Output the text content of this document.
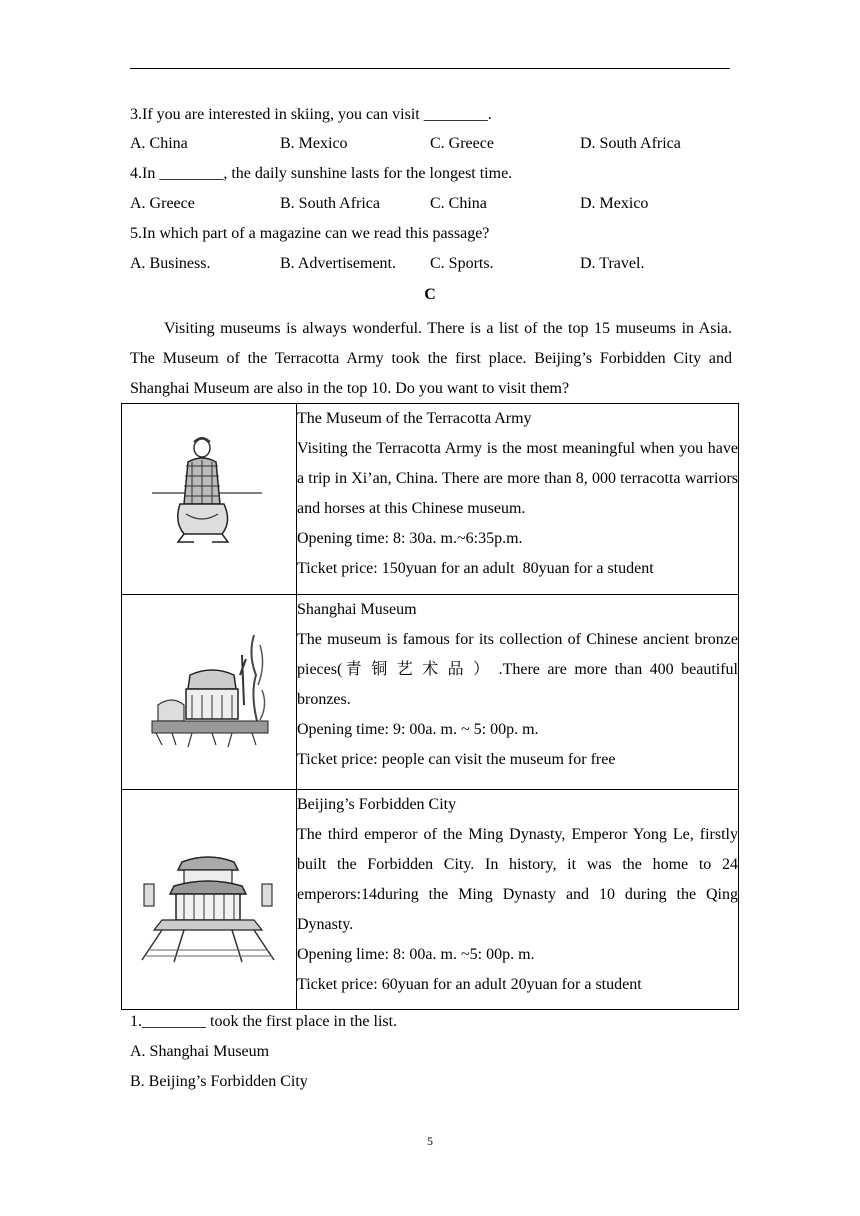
3.If you are interested in skiing, you can visit ________.
A. China	B. Mexico	C. Greece	D. South Africa
4.In ________, the daily sunshine lasts for the longest time.
A. Greece	B. South Africa	C. China	D. Mexico
5.In which part of a magazine can we read this passage?
A. Business.	B. Advertisement. C. Sports.	D. Travel.
C
Visiting museums is always wonderful. There is a list of the top 15 museums in Asia. The Museum of the Terracotta Army took the first place. Beijing’s Forbidden City and Shanghai Museum are also in the top 10. Do you want to visit them?

The Museum of the Terracotta Army
Visiting the Terracotta Army is the most meaningful when you have a trip in Xi’an, China. There are more than 8, 000 terracotta warriors and horses at this Chinese museum.
Opening time: 8: 30a. m.~6:35p.m.
Ticket price: 150yuan for an adult  80yuan for a student

Shanghai Museum
The museum is famous for its collection of Chinese ancient bronze pieces(青铜艺术品）.There are more than 400 beautiful bronzes.
Opening time: 9: 00a. m. ~ 5: 00p. m.
Ticket price: people can visit the museum for free

Beijing’s Forbidden City
The third emperor of the Ming Dynasty, Emperor Yong Le, firstly built the Forbidden City. In history, it was the home to 24 emperors:14during the Ming Dynasty and 10 during the Qing Dynasty.
Opening lime: 8: 00a. m. ~5: 00p. m.
Ticket price: 60yuan for an adult 20yuan for a student
1.________ took the first place in the list.
A. Shanghai Museum
B. Beijing’s Forbidden City
5
